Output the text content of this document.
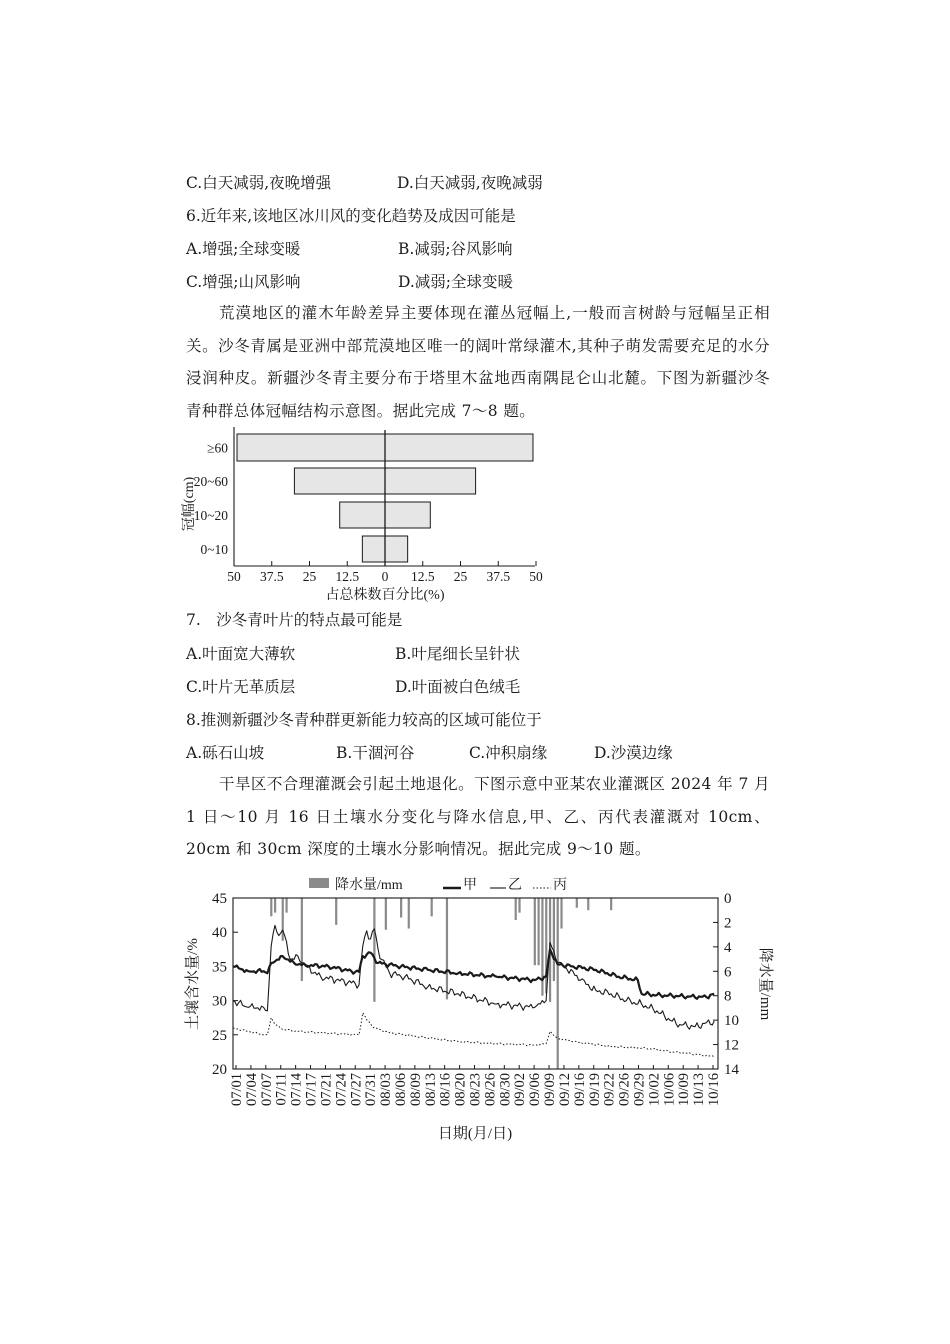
C.白天减弱,夜晚增强	D.白天减弱,夜晚减弱
6.近年来,该地区冰川风的变化趋势及成因可能是
A.增强;全球变暖	B.减弱;谷风影响
C.增强;山风影响	D.减弱;全球变暖
荒漠地区的灌木年龄差异主要体现在灌丛冠幅上,一般而言树龄与冠幅呈正相关。沙冬青属是亚洲中部荒漠地区唯一的阔叶常绿灌木,其种子萌发需要充足的水分浸润种皮。新疆沙冬青主要分布于塔里木盆地西南隅昆仑山北麓。下图为新疆沙冬青种群总体冠幅结构示意图。据此完成 7～8 题。
≥60
20~60
10~20
0~10
50 37.5 25 12.5 0 12.5 25 37.5 50
冠幅(cm)
占总株数百分比(%)
7.　沙冬青叶片的特点最可能是
A.叶面宽大薄软	B.叶尾细长呈针状
C.叶片无革质层	D.叶面被白色绒毛
8.推测新疆沙冬青种群更新能力较高的区域可能位于
A.砾石山坡	B.干涸河谷	C.冲积扇缘	D.沙漠边缘
干旱区不合理灌溉会引起土地退化。下图示意中亚某农业灌溉区 2024 年 7 月 1 日～10 月 16 日土壤水分变化与降水信息,甲、乙、丙代表灌溉对 10cm、20cm 和 30cm 深度的土壤水分影响情况。据此完成 9～10 题。
降水量/mm	甲 乙 丙
45
40
35
30
25
20
0
2
4
6
8
10
12
14
07/01
07/04
07/07
07/11
07/14
07/17
07/21
07/24
07/27
07/31
08/03
08/06
08/09
08/13
08/16
08/20
08/23
08/26
08/30
09/02
09/06
09/09
09/12
09/16
09/19
09/22
09/26
09/29
10/02
10/06
10/09
10/13
10/16
土壤含水量/%	降水量/mm
日期(月/日)
